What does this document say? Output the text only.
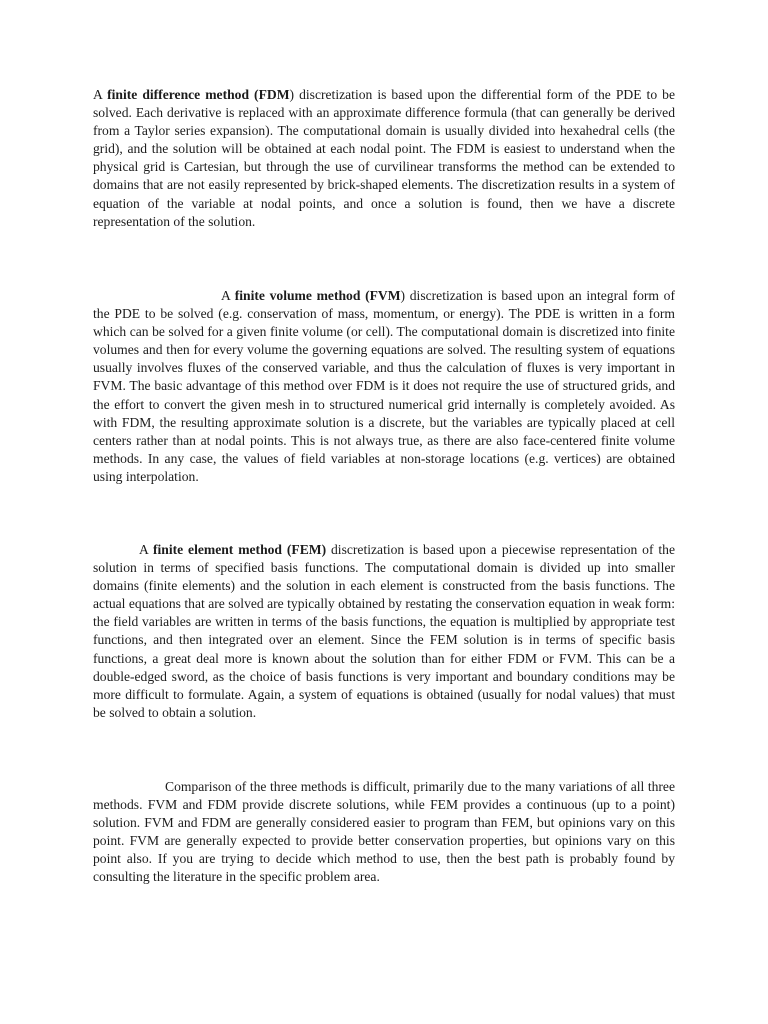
A finite difference method (FDM) discretization is based upon the differential form of the PDE to be solved. Each derivative is replaced with an approximate difference formula (that can generally be derived from a Taylor series expansion). The computational domain is usually divided into hexahedral cells (the grid), and the solution will be obtained at each nodal point. The FDM is easiest to understand when the physical grid is Cartesian, but through the use of curvilinear transforms the method can be extended to domains that are not easily represented by brick-shaped elements. The discretization results in a system of equation of the variable at nodal points, and once a solution is found, then we have a discrete representation of the solution.

A finite volume method (FVM) discretization is based upon an integral form of the PDE to be solved (e.g. conservation of mass, momentum, or energy). The PDE is written in a form which can be solved for a given finite volume (or cell). The computational domain is discretized into finite volumes and then for every volume the governing equations are solved. The resulting system of equations usually involves fluxes of the conserved variable, and thus the calculation of fluxes is very important in FVM. The basic advantage of this method over FDM is it does not require the use of structured grids, and the effort to convert the given mesh in to structured numerical grid internally is completely avoided. As with FDM, the resulting approximate solution is a discrete, but the variables are typically placed at cell centers rather than at nodal points. This is not always true, as there are also face-centered finite volume methods. In any case, the values of field variables at non-storage locations (e.g. vertices) are obtained using interpolation.

A finite element method (FEM) discretization is based upon a piecewise representation of the solution in terms of specified basis functions. The computational domain is divided up into smaller domains (finite elements) and the solution in each element is constructed from the basis functions. The actual equations that are solved are typically obtained by restating the conservation equation in weak form: the field variables are written in terms of the basis functions, the equation is multiplied by appropriate test functions, and then integrated over an element. Since the FEM solution is in terms of specific basis functions, a great deal more is known about the solution than for either FDM or FVM. This can be a double-edged sword, as the choice of basis functions is very important and boundary conditions may be more difficult to formulate. Again, a system of equations is obtained (usually for nodal values) that must be solved to obtain a solution.

Comparison of the three methods is difficult, primarily due to the many variations of all three methods. FVM and FDM provide discrete solutions, while FEM provides a continuous (up to a point) solution. FVM and FDM are generally considered easier to program than FEM, but opinions vary on this point. FVM are generally expected to provide better conservation properties, but opinions vary on this point also. If you are trying to decide which method to use, then the best path is probably found by consulting the literature in the specific problem area.
